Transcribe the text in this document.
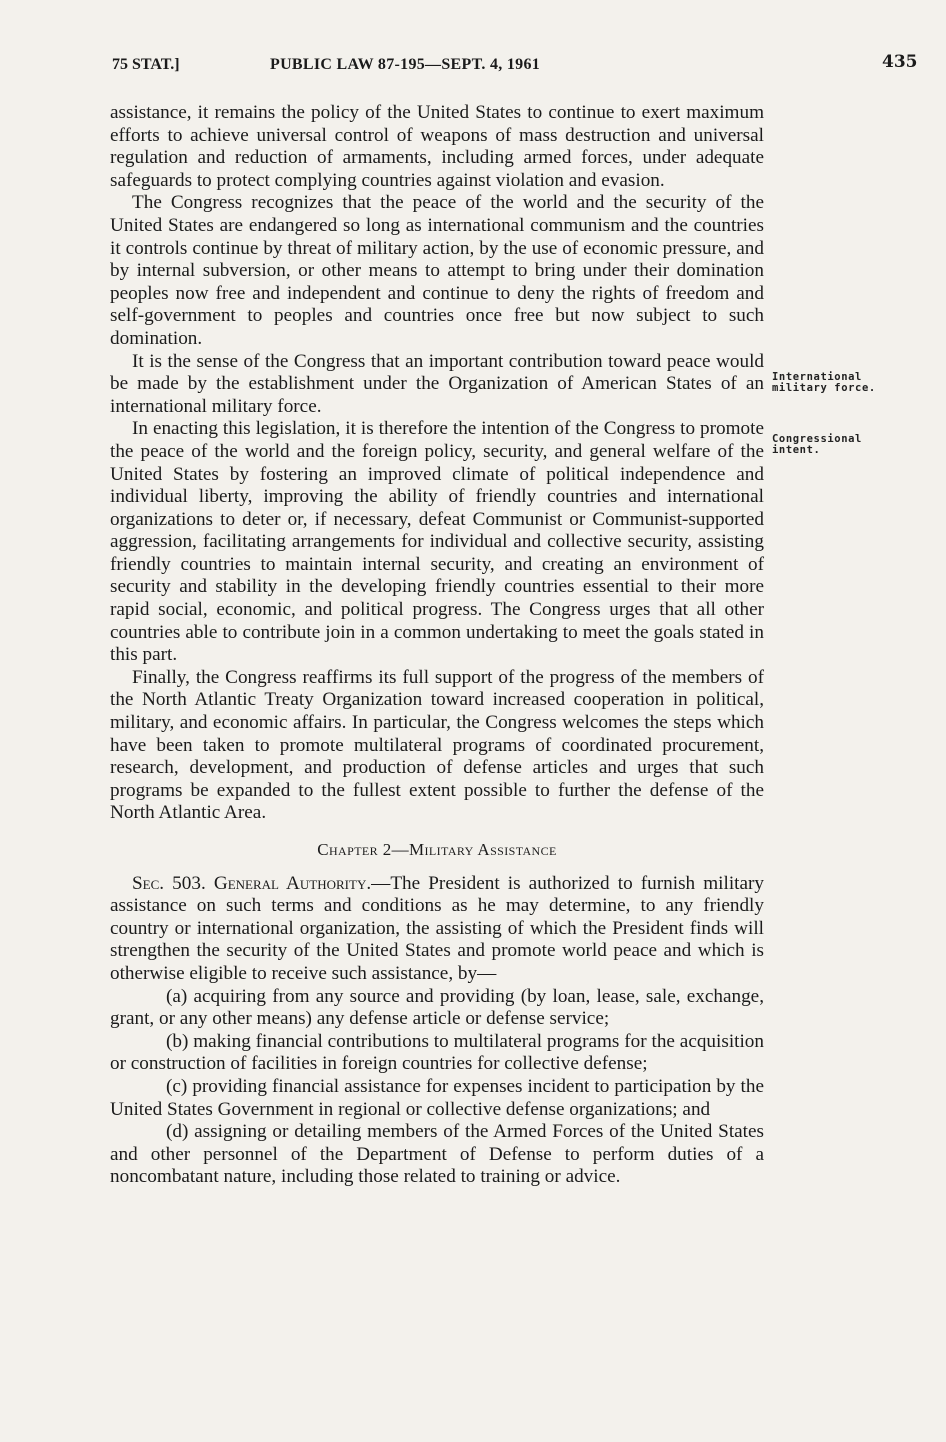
75 STAT.]	PUBLIC LAW 87-195—SEPT. 4, 1961	435
International
military force.
Congressional
intent.

assistance, it remains the policy of the United States to continue to exert maximum efforts to achieve universal control of weapons of mass destruction and universal regulation and reduction of armaments, including armed forces, under adequate safeguards to protect complying countries against violation and evasion.

The Congress recognizes that the peace of the world and the security of the United States are endangered so long as international communism and the countries it controls continue by threat of military action, by the use of economic pressure, and by internal subversion, or other means to attempt to bring under their domination peoples now free and independent and continue to deny the rights of freedom and self-government to peoples and countries once free but now subject to such domination.

It is the sense of the Congress that an important contribution toward peace would be made by the establishment under the Organization of American States of an international military force.

In enacting this legislation, it is therefore the intention of the Congress to promote the peace of the world and the foreign policy, security, and general welfare of the United States by fostering an improved climate of political independence and individual liberty, improving the ability of friendly countries and international organizations to deter or, if necessary, defeat Communist or Communist-supported aggression, facilitating arrangements for individual and collective security, assisting friendly countries to maintain internal security, and creating an environment of security and stability in the developing friendly countries essential to their more rapid social, economic, and political progress. The Congress urges that all other countries able to contribute join in a common undertaking to meet the goals stated in this part.

Finally, the Congress reaffirms its full support of the progress of the members of the North Atlantic Treaty Organization toward increased cooperation in political, military, and economic affairs. In particular, the Congress welcomes the steps which have been taken to promote multilateral programs of coordinated procurement, research, development, and production of defense articles and urges that such programs be expanded to the fullest extent possible to further the defense of the North Atlantic Area.

Chapter 2—Military Assistance

Sec. 503. General Authority.—The President is authorized to furnish military assistance on such terms and conditions as he may determine, to any friendly country or international organization, the assisting of which the President finds will strengthen the security of the United States and promote world peace and which is otherwise eligible to receive such assistance, by—

(a) acquiring from any source and providing (by loan, lease, sale, exchange, grant, or any other means) any defense article or defense service;

(b) making financial contributions to multilateral programs for the acquisition or construction of facilities in foreign countries for collective defense;

(c) providing financial assistance for expenses incident to participation by the United States Government in regional or collective defense organizations; and

(d) assigning or detailing members of the Armed Forces of the United States and other personnel of the Department of Defense to perform duties of a noncombatant nature, including those related to training or advice.
